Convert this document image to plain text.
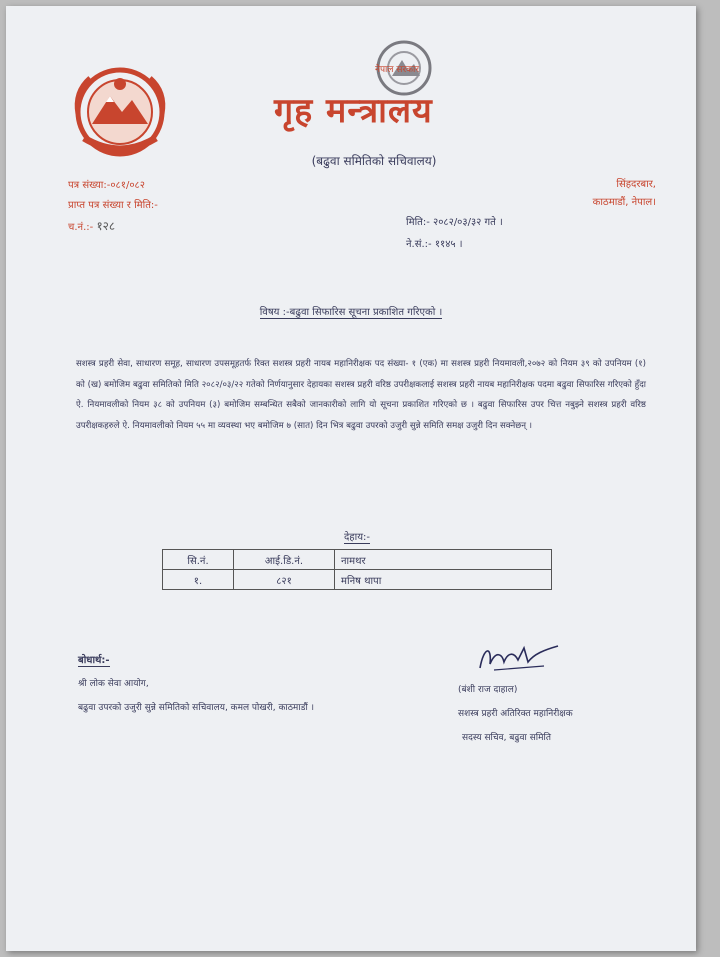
नेपाल सरकार
गृह मन्त्रालय
(बढुवा समितिको सचिवालय)
पत्र संख्या:-०८१/०८२
प्राप्त पत्र संख्या र मिति:-
च.नं.:- १२८
सिंहदरबार,
काठमाडौं, नेपाल।
मिति:- २०८२/०३/३२ गते ।
ने.सं.:- ११४५ ।
विषय :-बढुवा सिफारिस सूचना प्रकाशित गरिएको ।
सशस्त्र प्रहरी सेवा, साधारण समूह, साधारण उपसमूहतर्फ रिक्त सशस्त्र प्रहरी नायब महानिरीक्षक पद संख्या- १ (एक) मा सशस्त्र प्रहरी नियमावली,२०७२ को नियम ३९ को उपनियम (१) को (ख) बमोजिम बढुवा समितिको मिति २०८२/०३/२२ गतेको निर्णयानुसार देहायका सशस्त्र प्रहरी वरिष्ठ उपरीक्षकलाई सशस्त्र प्रहरी नायब महानिरीक्षक पदमा बढुवा सिफारिस गरिएको हुँदा ऐ. नियमावलीको नियम ३८ को उपनियम (३) बमोजिम सम्बन्धित सबैको जानकारीको लागि यो सूचना प्रकाशित गरिएको छ । बढुवा सिफारिस उपर चित्त नबुझ्ने सशस्त्र प्रहरी वरिष्ठ उपरीक्षकहरुले ऐ. नियमावलीको नियम ५५ मा व्यवस्था भए बमोजिम ७ (सात) दिन भित्र बढुवा उपरको उजुरी सुन्ने समिति समक्ष उजुरी दिन सक्नेछन् ।
देहाय:-
सि.नं.	आई.डि.नं.	नामथर
१.	८२१	मनिष थापा
बोधार्थ:-
श्री लोक सेवा आयोग,
बढुवा उपरको उजुरी सुन्ने समितिको सचिवालय, कमल पोखरी, काठमाडौं ।
(बंशी राज दाहाल)
सशस्त्र प्रहरी अतिरिक्त महानिरीक्षक
सदस्य सचिव, बढुवा समिति
